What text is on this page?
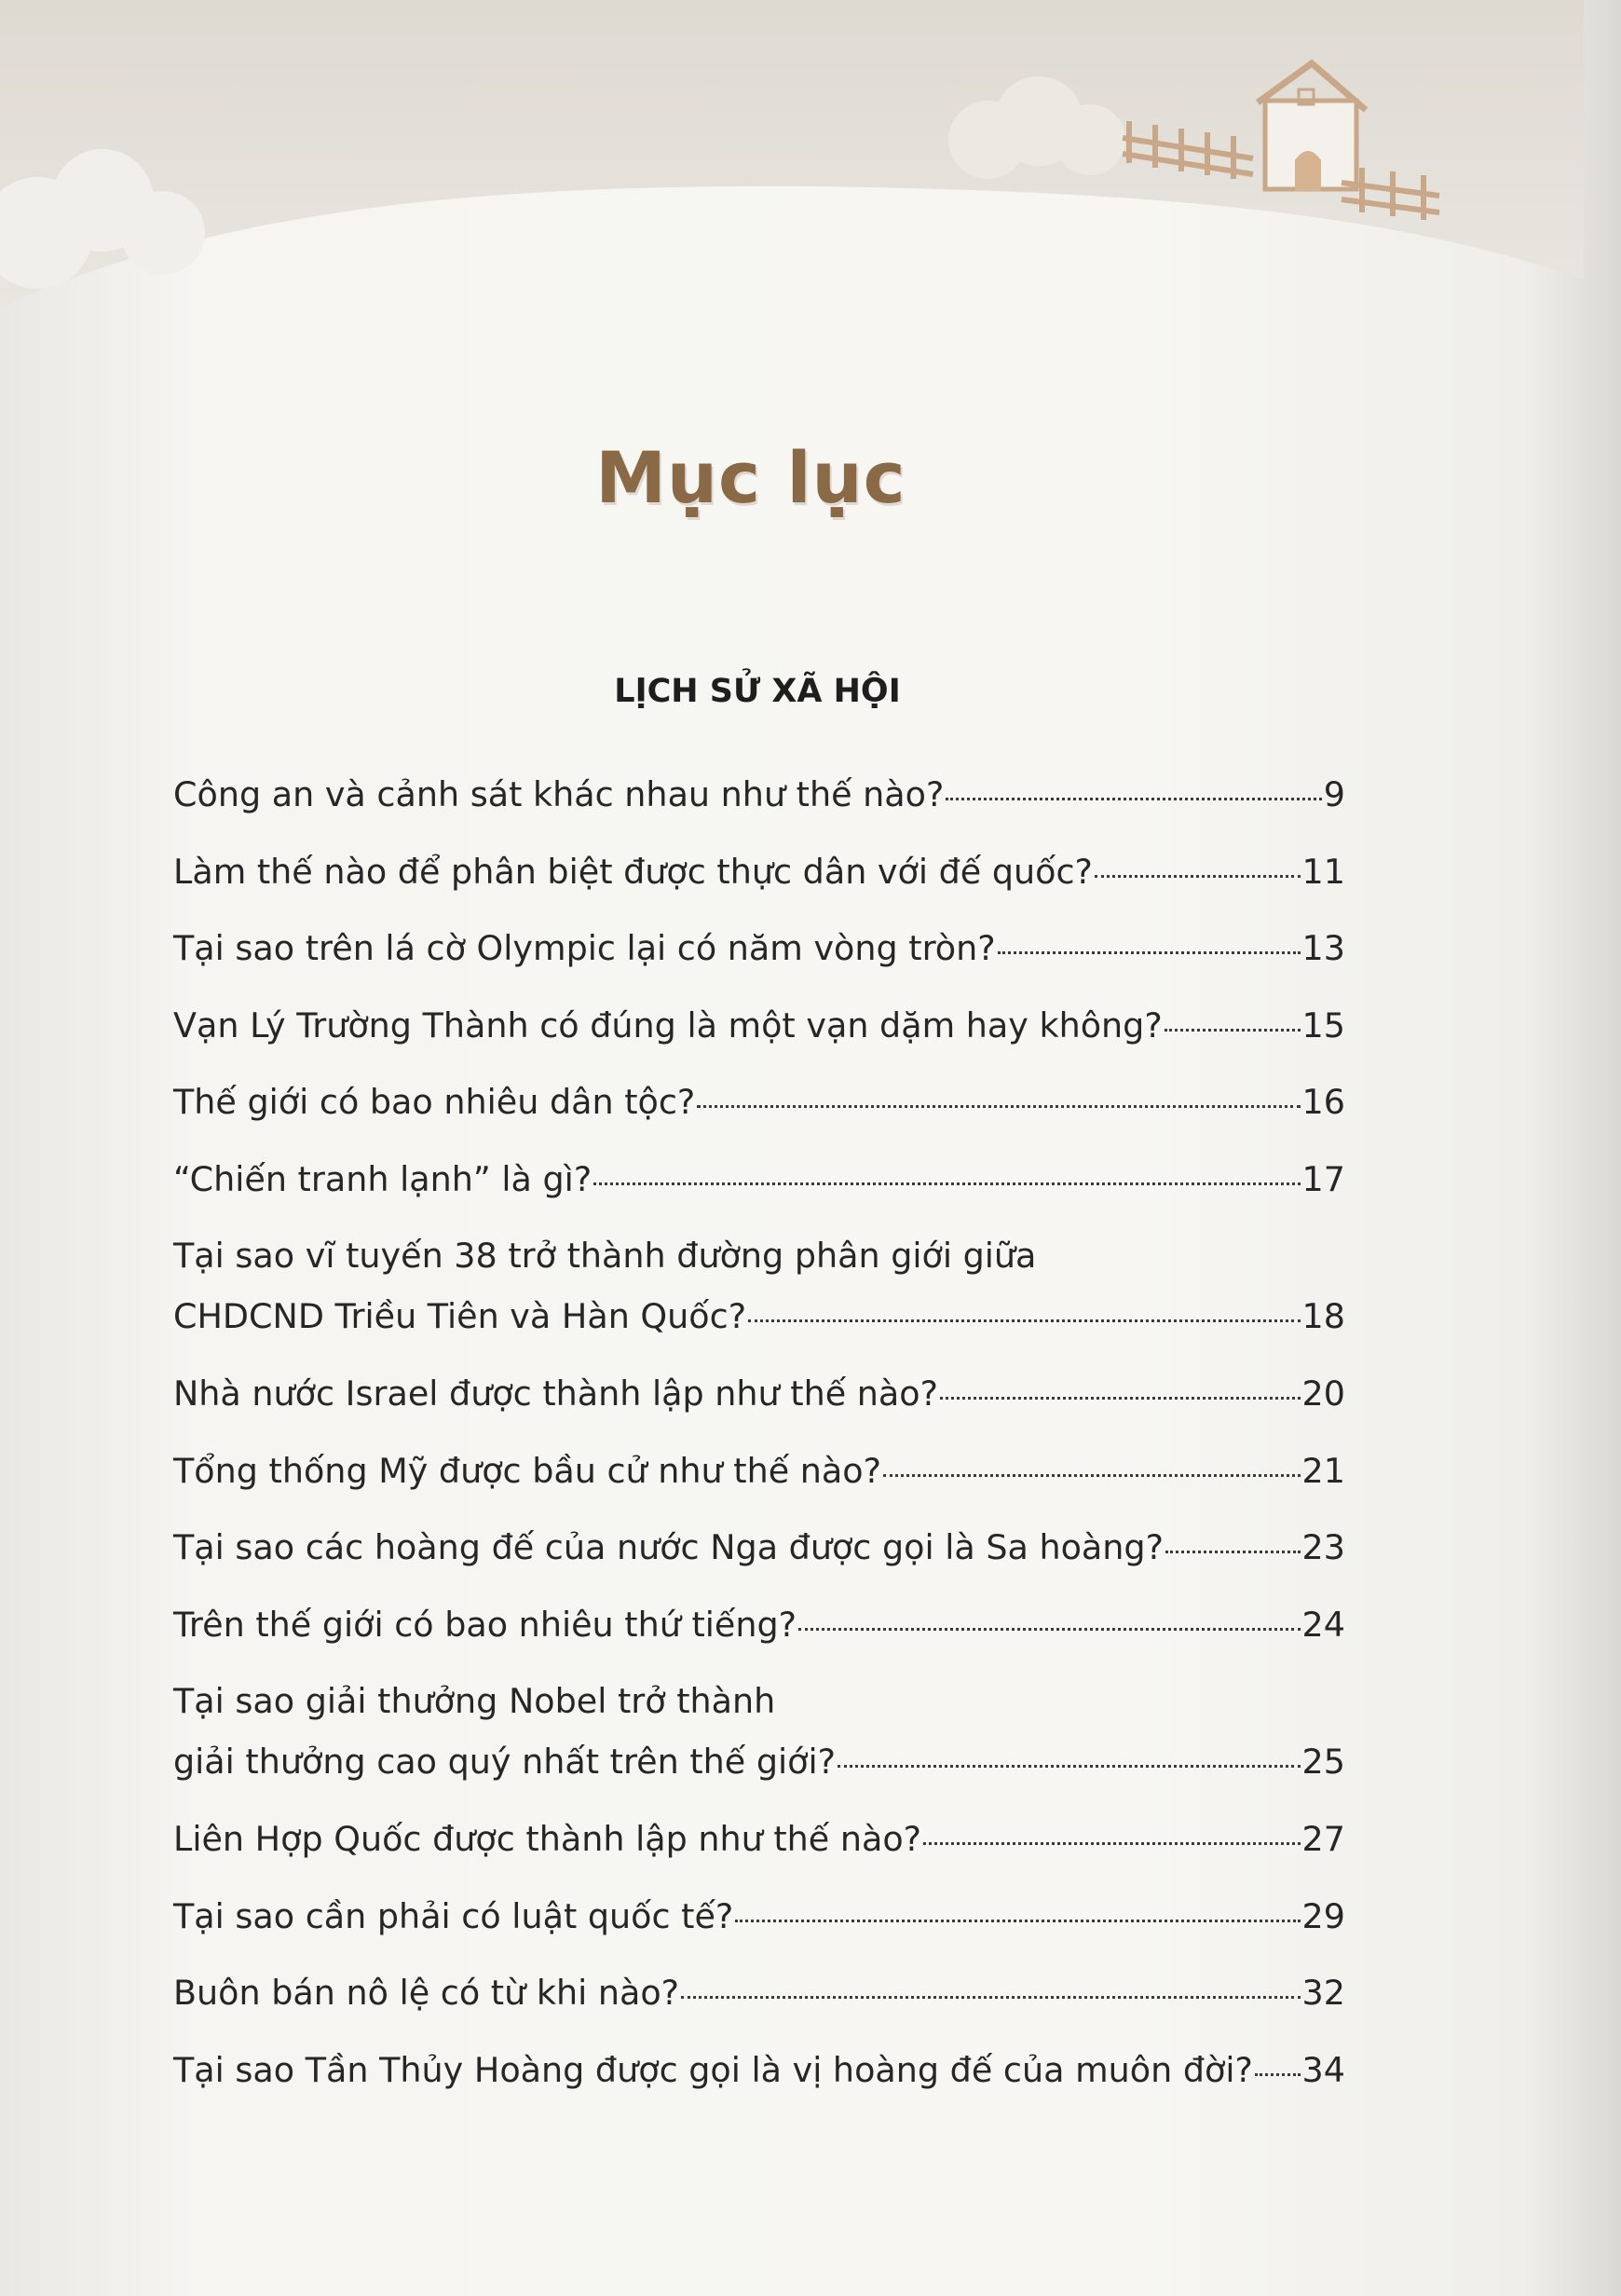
Mục lục
LỊCH SỬ XÃ HỘI
Công an và cảnh sát khác nhau như thế nào?	9
Làm thế nào để phân biệt được thực dân với đế quốc?	11
Tại sao trên lá cờ Olympic lại có năm vòng tròn?	13
Vạn Lý Trường Thành có đúng là một vạn dặm hay không?	15
Thế giới có bao nhiêu dân tộc?	16
“Chiến tranh lạnh” là gì?	17
Tại sao vĩ tuyến 38 trở thành đường phân giới giữa
CHDCND Triều Tiên và Hàn Quốc?	18
Nhà nước Israel được thành lập như thế nào?	20
Tổng thống Mỹ được bầu cử như thế nào?	21
Tại sao các hoàng đế của nước Nga được gọi là Sa hoàng?	23
Trên thế giới có bao nhiêu thứ tiếng?	24
Tại sao giải thưởng Nobel trở thành
giải thưởng cao quý nhất trên thế giới?	25
Liên Hợp Quốc được thành lập như thế nào?	27
Tại sao cần phải có luật quốc tế?	29
Buôn bán nô lệ có từ khi nào?	32
Tại sao Tần Thủy Hoàng được gọi là vị hoàng đế của muôn đời? 34
